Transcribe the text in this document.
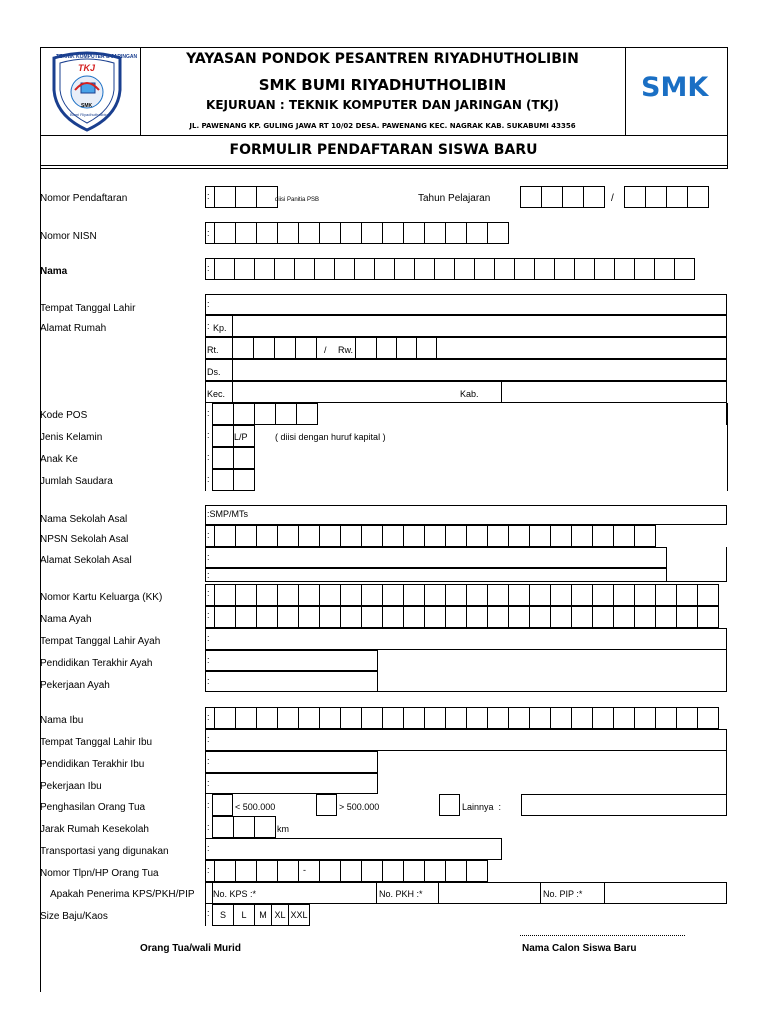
TEKNIK KOMPUTER & JARINGAN
TKJ
SMK
Bumi Riyadhutholibin
YAYASAN PONDOK PESANTREN RIYADHUTHOLIBIN
SMK BUMI RIYADHUTHOLIBIN
KEJURUAN : TEKNIK KOMPUTER DAN JARINGAN (TKJ)
JL. PAWENANG KP. GULING JAWA RT 10/02 DESA. PAWENANG KEC. NAGRAK KAB. SUKABUMI 43356
SMK
FORMULIR PENDAFTARAN SISWA BARU
Nomor Pendaftaran	:	diisi Panitia PSB	Tahun Pelajaran	/
Nomor NISN	:
Nama	:
Tempat Tanggal Lahir	:
Alamat Rumah	: Kp.
Rt.	/ Rw.
Ds.
Kec.	Kab.
Kode POS	:
Jenis Kelamin	:	L/P	( diisi dengan huruf kapital )
Anak Ke	:
Jumlah Saudara	:
Nama Sekolah Asal	:SMP/MTs
NPSN Sekolah Asal	:
Alamat Sekolah Asal	:
:
Nomor Kartu Keluarga (KK)	:
Nama Ayah	:
Tempat Tanggal Lahir Ayah	:
Pendidikan Terakhir Ayah	:
Pekerjaan Ayah	:
Nama Ibu	:
Tempat Tanggal Lahir Ibu	:
Pendidikan Terakhir Ibu	:
Pekerjaan Ibu	:
Penghasilan Orang Tua	:	< 500.000	> 500.000	Lainnya :
Jarak Rumah Kesekolah	:	km
Transportasi yang digunakan	:
Nomor Tlpn/HP Orang Tua	:	-
Apakah Penerima KPS/PKH/PIP No. KPS :*	No. PKH :*	No. PIP :*
Size Baju/Kaos	:	S	L	M XL XXL
Orang Tua/wali Murid	Nama Calon Siswa Baru
